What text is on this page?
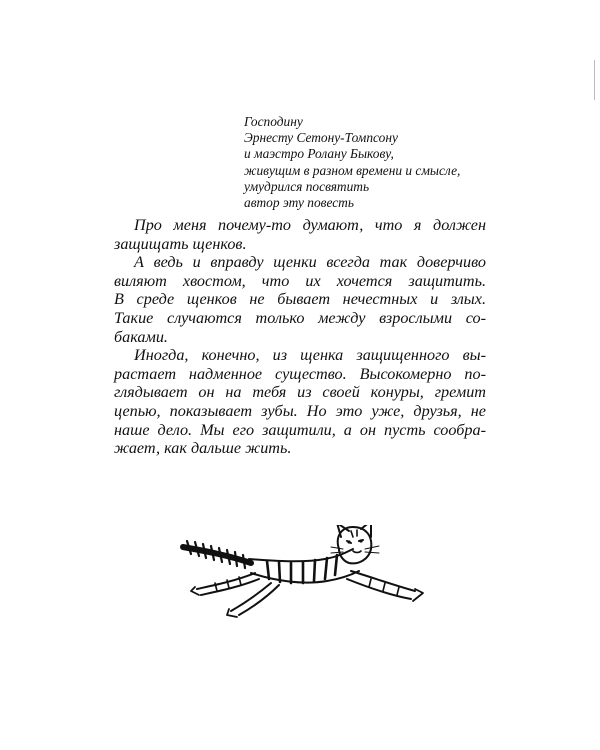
Господину
Эрнесту Сетону-Томпсону
и маэстро Ролану Быкову,
живущим в разном времени и смысле,
умудрился посвятить
автор эту повесть
Про меня почему-то думают, что я должен
защищать щенков.
А ведь и вправду щенки всегда так доверчиво
виляют хвостом, что их хочется защитить.
В среде щенков не бывает нечестных и злых.
Такие случаются только между взрослыми со-
баками.
Иногда, конечно, из щенка защищенного вы-
растает надменное существо. Высокомерно по-
глядывает он на тебя из своей конуры, гремит
цепью, показывает зубы. Но это уже, друзья, не
наше дело. Мы его защитили, а он пусть сообра-
жает, как дальше жить.
